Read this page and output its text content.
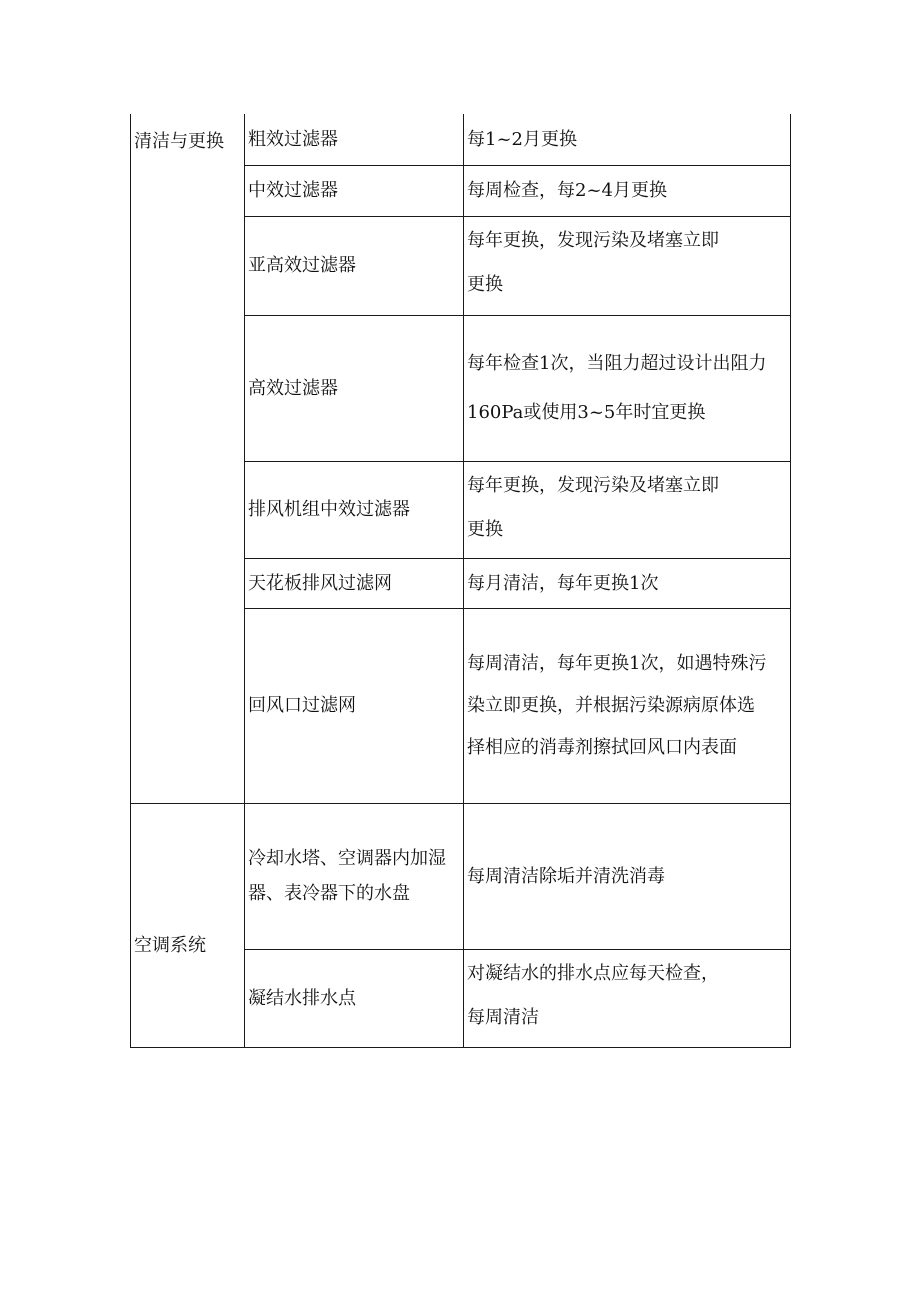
清洁与更换	粗效过滤器	每1~2月更换

	中效过滤器	每周检查，每2~4月更换

	亚高效过滤器	每年更换，发现污染及堵塞立即
更换

	高效过滤器	每年检查1次，当阻力超过设计出阻力
160Pa或使用3~5年时宜更换

	排风机组中效过滤器	每年更换，发现污染及堵塞立即
更换

	天花板排风过滤网	每月清洁，每年更换1次

	回风口过滤网	每周清洁，每年更换1次，如遇特殊污
染立即更换，并根据污染源病原体选
择相应的消毒剂擦拭回风口内表面

空调系统	冷却水塔、空调器内加湿器、表冷器下的水盘	每周清洁除垢并清洗消毒

	凝结水排水点	对凝结水的排水点应每天检查，
每周清洁
